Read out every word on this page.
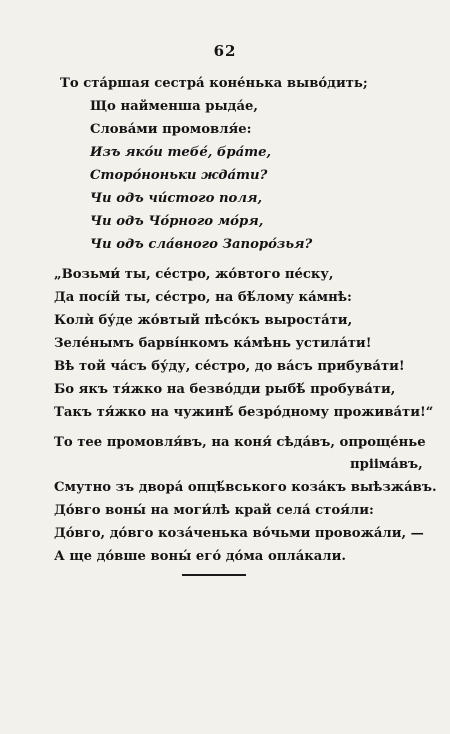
62
То ста́ршая сестра́ коне́нька выво́дить;
Що найменша рыда́е,
Слова́ми промовля́е:
Изъ яко́и тебе́, бра́те,
Сторо́ноньки жда́ти?
Чи одъ чи́стого поля,
Чи одъ Чо́рного мо́ря,
Чи одъ сла́вного Запоро́зья?
„Возьми́ ты, се́стро, жо́втого пе́ску,
Да посі́й ты, се́стро, на бѣ́лому ка́мнѣ:
Колѝ бу́де жо́втый пѣсо́къ выроста́ти,
Зеле́нымъ барві́нкомъ ка́мѣнь устила́ти!
Вѣ той ча́съ бу́ду, се́стро, до ва́съ прибува́ти!
Бо якъ тя́жко на безво́дди рыбѣ́ пробува́ти,
Такъ тя́жко на чужинѣ́ безро́дному прожива́ти!“
То тее промовля́въ, на коня́ сѣда́въ, опроще́нье
прііма́въ,
Смутно зъ двора́ опцѣ́вського коза́къ выѣзжа́въ.
До́вго воны́ на моги́лѣ край села́ стоя́ли:
До́вго, до́вго коза́ченька во́чьми провожа́ли, —
А ще до́вше воны́ его́ до́ма опла́кали.
